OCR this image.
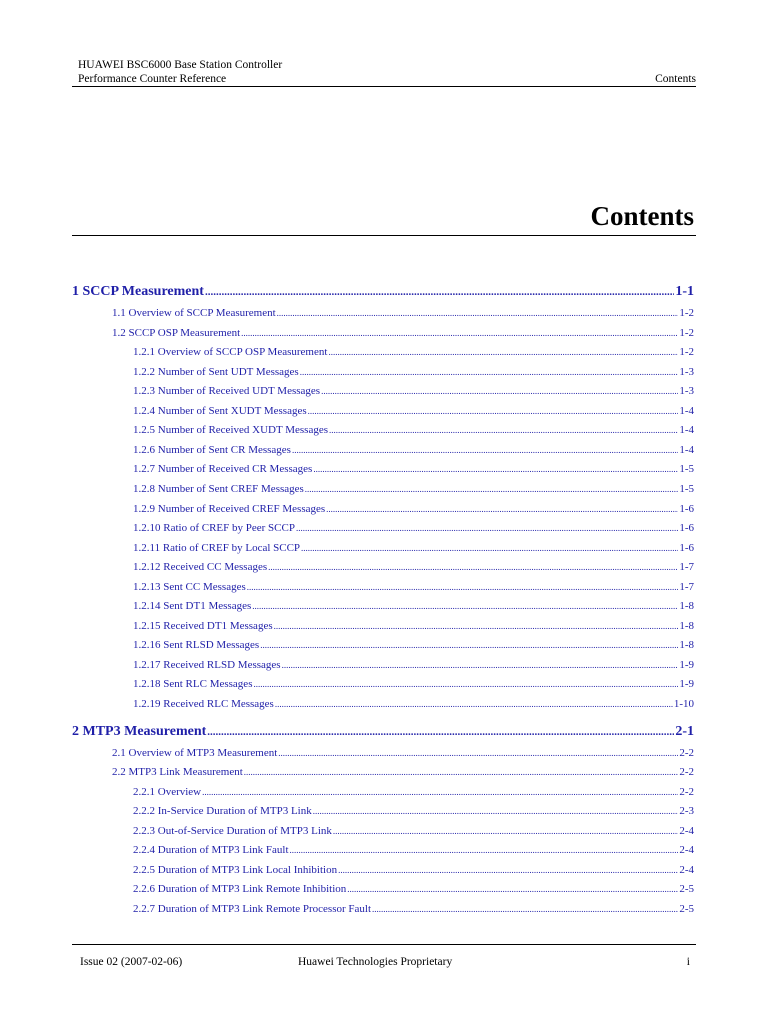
HUAWEI BSC6000 Base Station Controller
Performance Counter Reference	Contents
Contents
1 SCCP Measurement .....	1-1
1.1 Overview of SCCP Measurement .....	1-2
1.2 SCCP OSP Measurement .....	1-2
1.2.1 Overview of SCCP OSP Measurement .....	1-2
1.2.2 Number of Sent UDT Messages .....	1-3
1.2.3 Number of Received UDT Messages .....	1-3
1.2.4 Number of Sent XUDT Messages .....	1-4
1.2.5 Number of Received XUDT Messages .....	1-4
1.2.6 Number of Sent CR Messages .....	1-4
1.2.7 Number of Received CR Messages .....	1-5
1.2.8 Number of Sent CREF Messages .....	1-5
1.2.9 Number of Received CREF Messages .....	1-6
1.2.10 Ratio of CREF by Peer SCCP .....	1-6
1.2.11 Ratio of CREF by Local SCCP .....	1-6
1.2.12 Received CC Messages .....	1-7
1.2.13 Sent CC Messages .....	1-7
1.2.14 Sent DT1 Messages .....	1-8
1.2.15 Received DT1 Messages .....	1-8
1.2.16 Sent RLSD Messages .....	1-8
1.2.17 Received RLSD Messages .....	1-9
1.2.18 Sent RLC Messages .....	1-9
1.2.19 Received RLC Messages .....	1-10
2 MTP3 Measurement .....	2-1
2.1 Overview of MTP3 Measurement .....	2-2
2.2 MTP3 Link Measurement .....	2-2
2.2.1 Overview .....	2-2
2.2.2 In-Service Duration of MTP3 Link .....	2-3
2.2.3 Out-of-Service Duration of MTP3 Link .....	2-4
2.2.4 Duration of MTP3 Link Fault .....	2-4
2.2.5 Duration of MTP3 Link Local Inhibition .....	2-4
2.2.6 Duration of MTP3 Link Remote Inhibition .....	2-5
2.2.7 Duration of MTP3 Link Remote Processor Fault .....	2-5
Issue 02 (2007-02-06)	Huawei Technologies Proprietary	i
